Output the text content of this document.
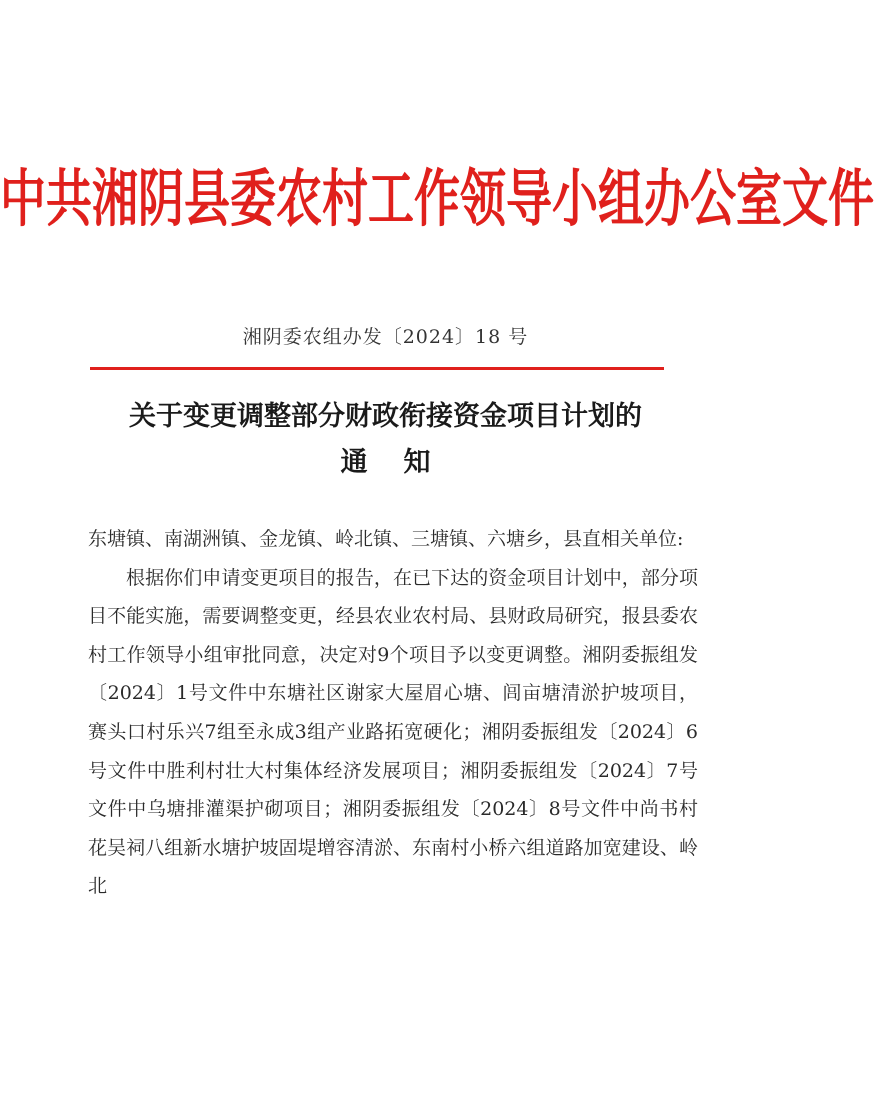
中共湘阴县委农村工作领导小组办公室文件
湘阴委农组办发〔2024〕18 号
关于变更调整部分财政衔接资金项目计划的
通知

东塘镇、南湖洲镇、金龙镇、岭北镇、三塘镇、六塘乡，县直相关单位:

根据你们申请变更项目的报告，在已下达的资金项目计划中，部分项目不能实施，需要调整变更，经县农业农村局、县财政局研究，报县委农村工作领导小组审批同意，决定对9个项目予以变更调整。湘阴委振组发〔2024〕1号文件中东塘社区谢家大屋眉心塘、闾亩塘清淤护坡项目，赛头口村乐兴7组至永成3组产业路拓宽硬化；湘阴委振组发〔2024〕6号文件中胜利村壮大村集体经济发展项目；湘阴委振组发〔2024〕7号文件中乌塘排灌渠护砌项目；湘阴委振组发〔2024〕8号文件中尚书村花吴祠八组新水塘护坡固堤增容清淤、东南村小桥六组道路加宽建设、岭北
